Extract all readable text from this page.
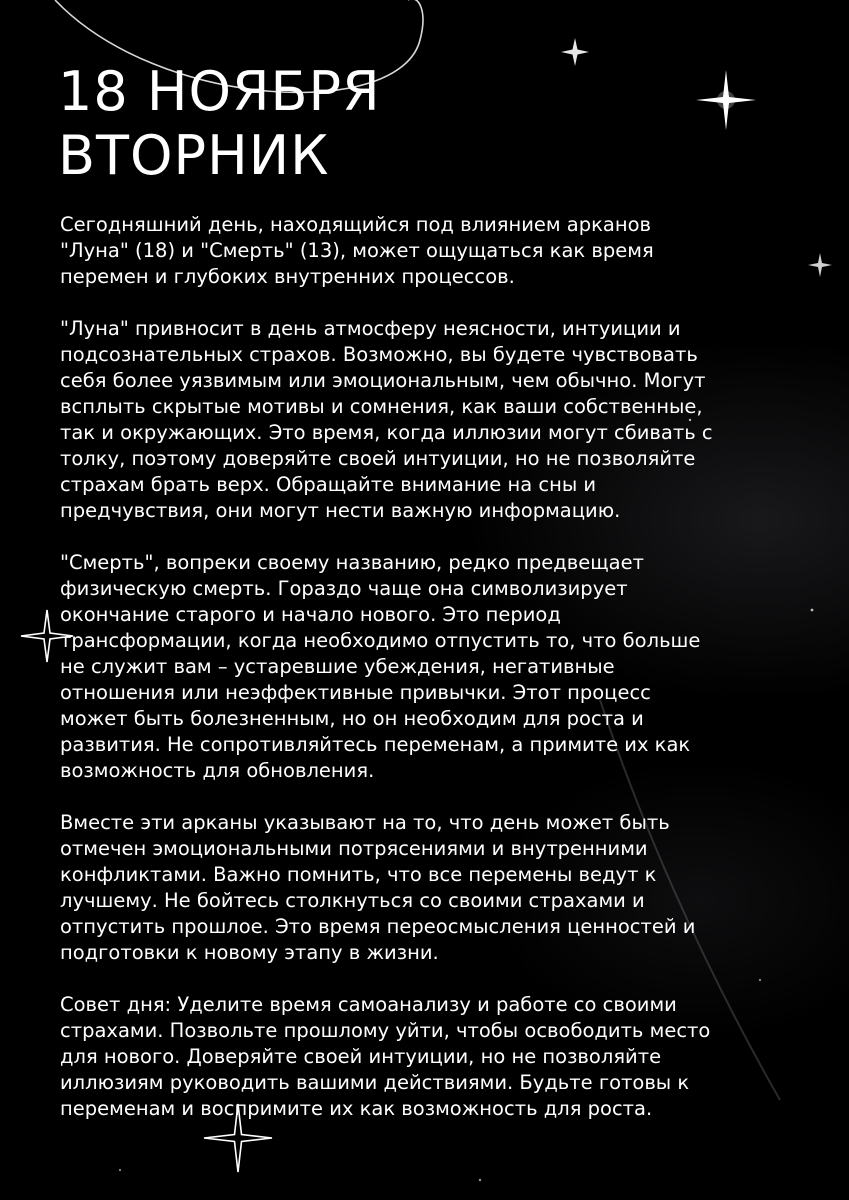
18 НОЯБРЯ
ВТОРНИК

Сегодняшний день, находящийся под влиянием арканов
"Луна" (18) и "Смерть" (13), может ощущаться как время
перемен и глубоких внутренних процессов.

"Луна" привносит в день атмосферу неясности, интуиции и
подсознательных страхов. Возможно, вы будете чувствовать
себя более уязвимым или эмоциональным, чем обычно. Могут
всплыть скрытые мотивы и сомнения, как ваши собственные,
так и окружающих. Это время, когда иллюзии могут сбивать с
толку, поэтому доверяйте своей интуиции, но не позволяйте
страхам брать верх. Обращайте внимание на сны и
предчувствия, они могут нести важную информацию.

"Смерть", вопреки своему названию, редко предвещает
физическую смерть. Гораздо чаще она символизирует
окончание старого и начало нового. Это период
трансформации, когда необходимо отпустить то, что больше
не служит вам – устаревшие убеждения, негативные
отношения или неэффективные привычки. Этот процесс
может быть болезненным, но он необходим для роста и
развития. Не сопротивляйтесь переменам, а примите их как
возможность для обновления.

Вместе эти арканы указывают на то, что день может быть
отмечен эмоциональными потрясениями и внутренними
конфликтами. Важно помнить, что все перемены ведут к
лучшему. Не бойтесь столкнуться со своими страхами и
отпустить прошлое. Это время переосмысления ценностей и
подготовки к новому этапу в жизни.

Совет дня: Уделите время самоанализу и работе со своими
страхами. Позвольте прошлому уйти, чтобы освободить место
для нового. Доверяйте своей интуиции, но не позволяйте
иллюзиям руководить вашими действиями. Будьте готовы к
переменам и воспримите их как возможность для роста.
